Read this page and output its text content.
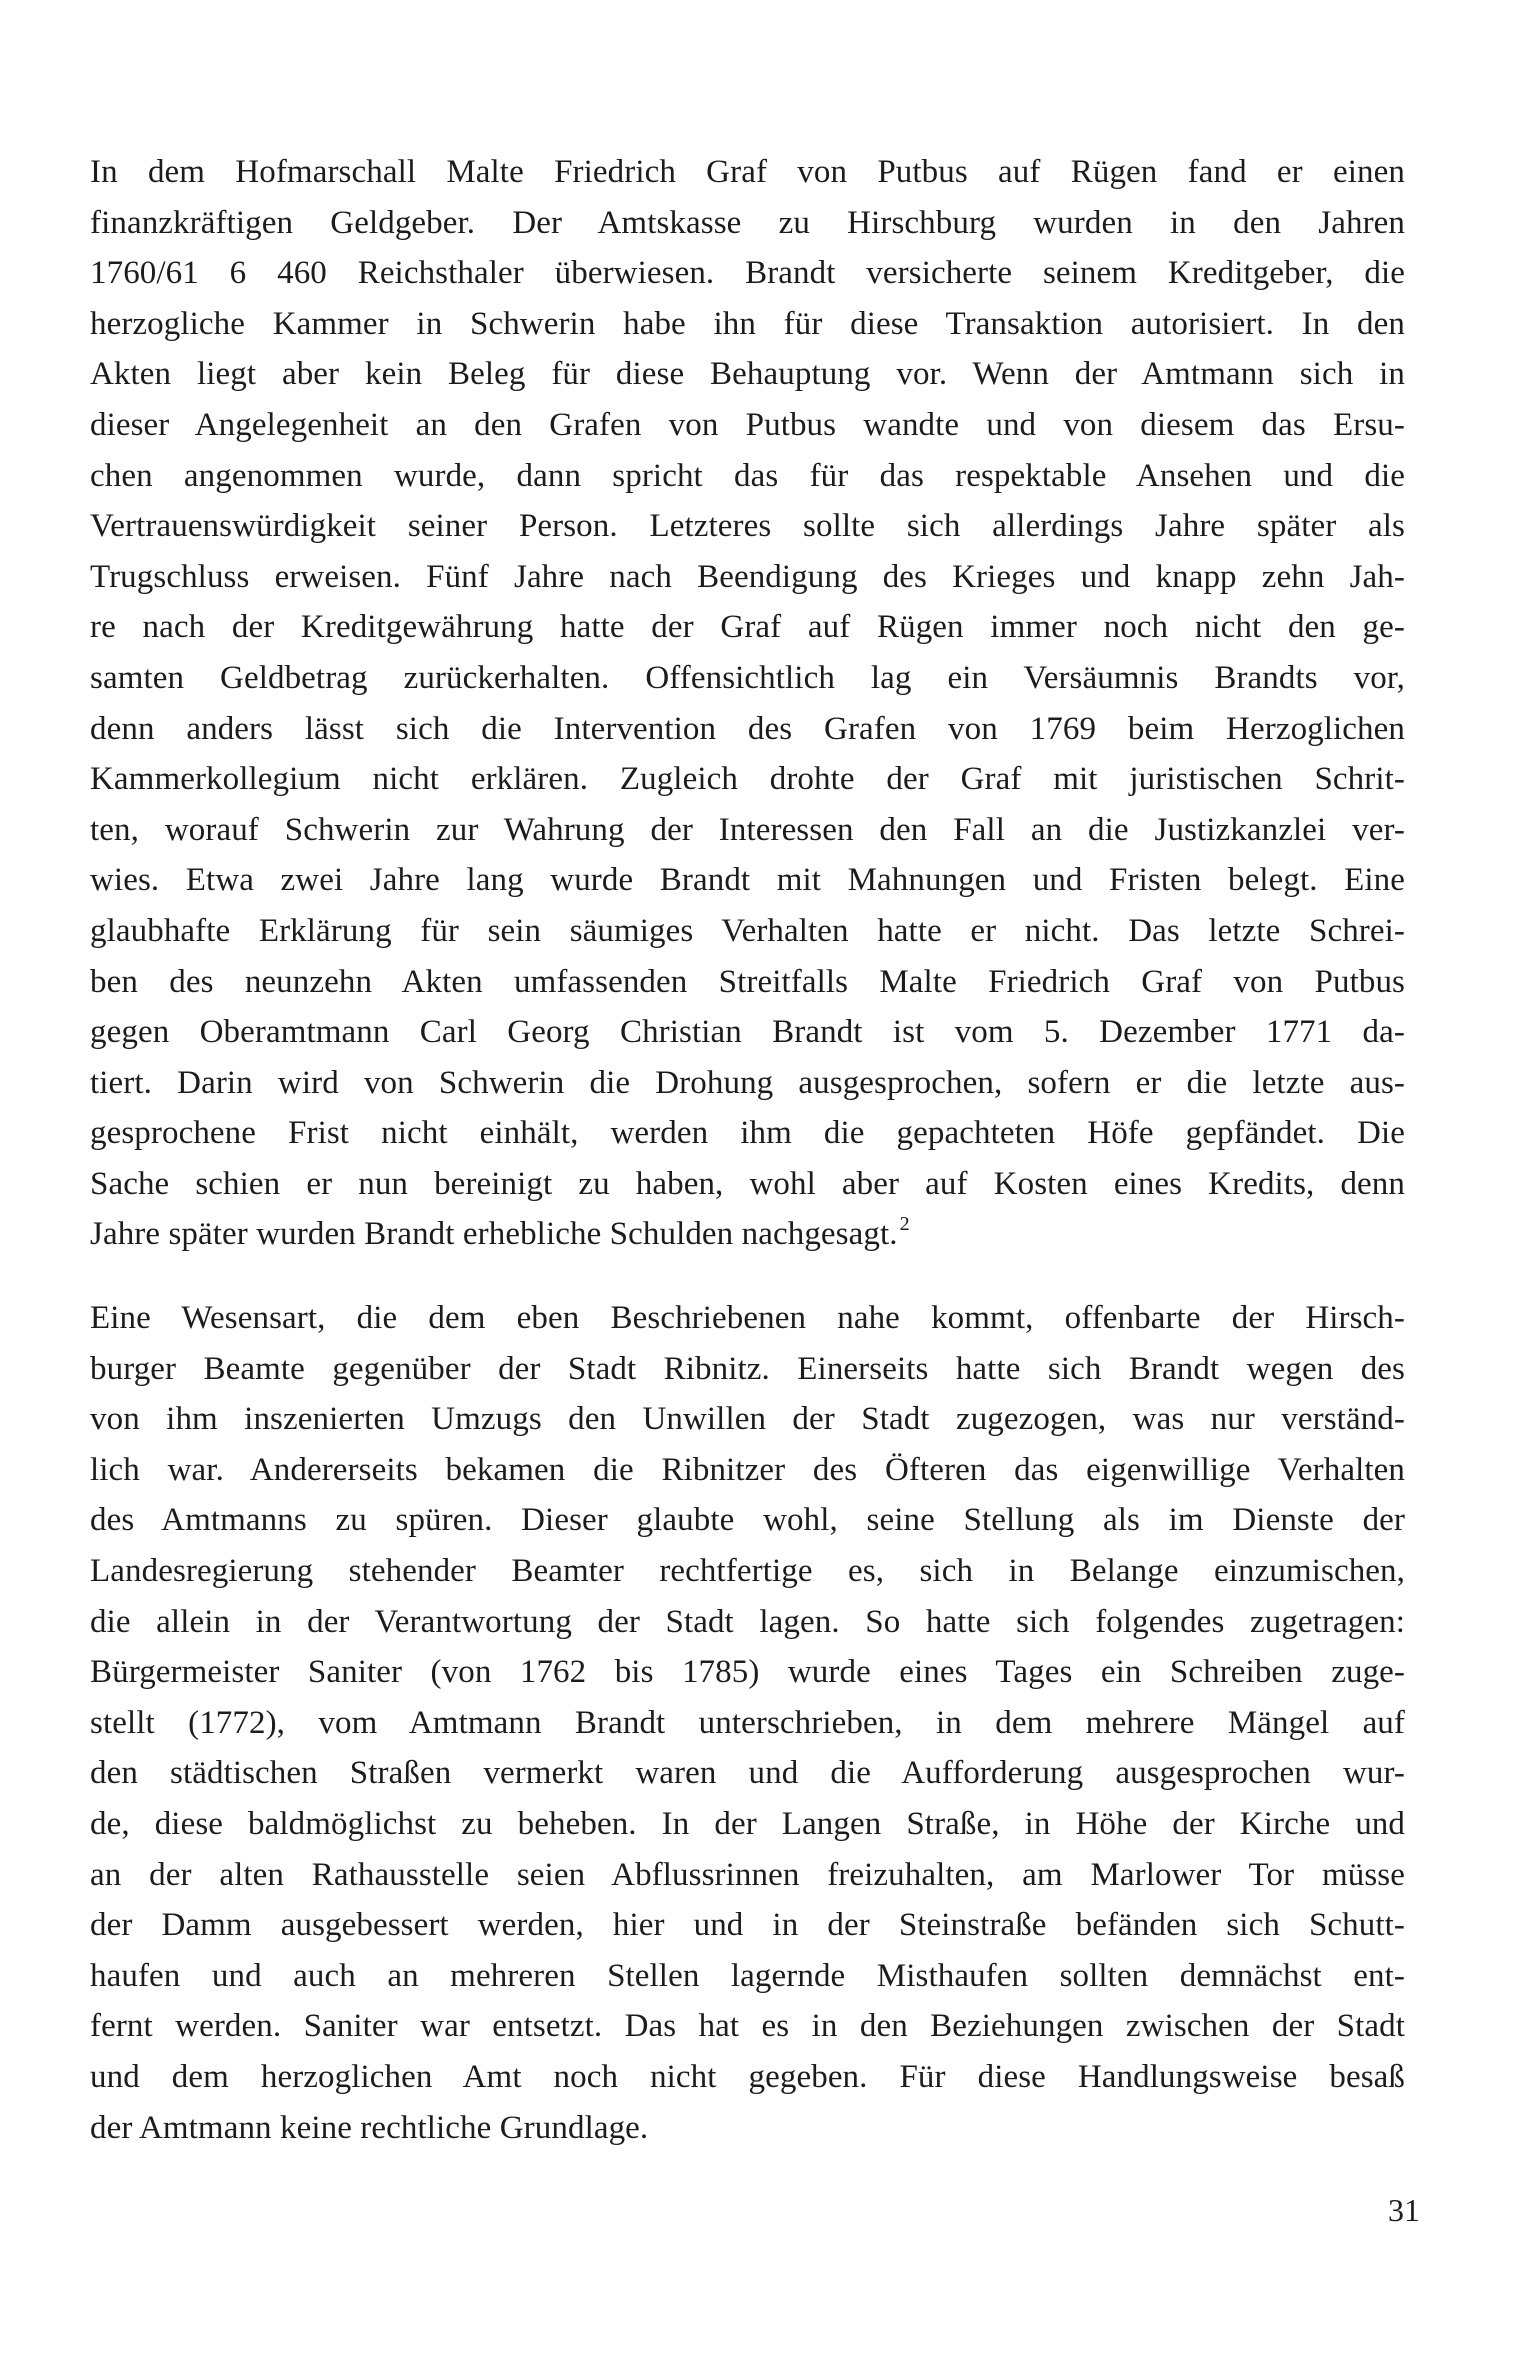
In dem Hofmarschall Malte Friedrich Graf von Putbus auf Rügen fand er einen
finanzkräftigen Geldgeber. Der Amtskasse zu Hirschburg wurden in den Jahren
1760/61 6 460 Reichsthaler überwiesen. Brandt versicherte seinem Kreditgeber, die
herzogliche Kammer in Schwerin habe ihn für diese Transaktion autorisiert. In den
Akten liegt aber kein Beleg für diese Behauptung vor. Wenn der Amtmann sich in
dieser Angelegenheit an den Grafen von Putbus wandte und von diesem das Ersu-
chen angenommen wurde, dann spricht das für das respektable Ansehen und die
Vertrauenswürdigkeit seiner Person. Letzteres sollte sich allerdings Jahre später als
Trugschluss erweisen. Fünf Jahre nach Beendigung des Krieges und knapp zehn Jah-
re nach der Kreditgewährung hatte der Graf auf Rügen immer noch nicht den ge-
samten Geldbetrag zurückerhalten. Offensichtlich lag ein Versäumnis Brandts vor,
denn anders lässt sich die Intervention des Grafen von 1769 beim Herzoglichen
Kammerkollegium nicht erklären. Zugleich drohte der Graf mit juristischen Schrit-
ten, worauf Schwerin zur Wahrung der Interessen den Fall an die Justizkanzlei ver-
wies. Etwa zwei Jahre lang wurde Brandt mit Mahnungen und Fristen belegt. Eine
glaubhafte Erklärung für sein säumiges Verhalten hatte er nicht. Das letzte Schrei-
ben des neunzehn Akten umfassenden Streitfalls Malte Friedrich Graf von Putbus
gegen Oberamtmann Carl Georg Christian Brandt ist vom 5. Dezember 1771 da-
tiert. Darin wird von Schwerin die Drohung ausgesprochen, sofern er die letzte aus-
gesprochene Frist nicht einhält, werden ihm die gepachteten Höfe gepfändet. Die
Sache schien er nun bereinigt zu haben, wohl aber auf Kosten eines Kredits, denn
Jahre später wurden Brandt erhebliche Schulden nachgesagt. $^2$
Eine Wesensart, die dem eben Beschriebenen nahe kommt, offenbarte der Hirsch-
burger Beamte gegenüber der Stadt Ribnitz. Einerseits hatte sich Brandt wegen des
von ihm inszenierten Umzugs den Unwillen der Stadt zugezogen, was nur verständ-
lich war. Andererseits bekamen die Ribnitzer des Öfteren das eigenwillige Verhalten
des Amtmanns zu spüren. Dieser glaubte wohl, seine Stellung als im Dienste der
Landesregierung stehender Beamter rechtfertige es, sich in Belange einzumischen,
die allein in der Verantwortung der Stadt lagen. So hatte sich folgendes zugetragen:
Bürgermeister Saniter (von 1762 bis 1785) wurde eines Tages ein Schreiben zuge-
stellt (1772), vom Amtmann Brandt unterschrieben, in dem mehrere Mängel auf
den städtischen Straßen vermerkt waren und die Aufforderung ausgesprochen wur-
de, diese baldmöglichst zu beheben. In der Langen Straße, in Höhe der Kirche und
an der alten Rathausstelle seien Abflussrinnen freizuhalten, am Marlower Tor müsse
der Damm ausgebessert werden, hier und in der Steinstraße befänden sich Schutt-
haufen und auch an mehreren Stellen lagernde Misthaufen sollten demnächst ent-
fernt werden. Saniter war entsetzt. Das hat es in den Beziehungen zwischen der Stadt
und dem herzoglichen Amt noch nicht gegeben. Für diese Handlungsweise besaß
der Amtmann keine rechtliche Grundlage.
31
